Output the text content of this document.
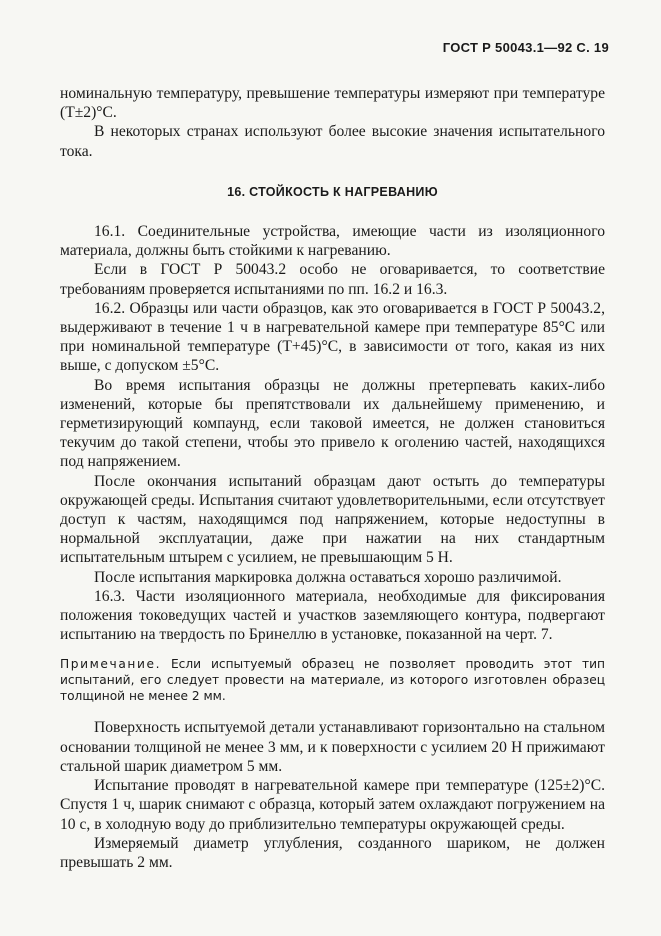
ГОСТ Р 50043.1—92 С. 19

номинальную температуру, превышение температуры измеряют при температуре (Т±2)°С.

В некоторых странах используют более высокие значения испытательного тока.

16. СТОЙКОСТЬ К НАГРЕВАНИЮ

16.1. Соединительные устройства, имеющие части из изоляционного материала, должны быть стойкими к нагреванию.

Если в ГОСТ Р 50043.2 особо не оговаривается, то соответствие требованиям проверяется испытаниями по пп. 16.2 и 16.3.

16.2. Образцы или части образцов, как это оговаривается в ГОСТ Р 50043.2, выдерживают в течение 1 ч в нагревательной камере при температуре 85°С или при номинальной температуре (Т+45)°С, в зависимости от того, какая из них выше, с допуском ±5°С.

Во время испытания образцы не должны претерпевать каких-либо изменений, которые бы препятствовали их дальнейшему применению, и герметизирующий компаунд, если таковой имеется, не должен становиться текучим до такой степени, чтобы это привело к оголению частей, находящихся под напряжением.

После окончания испытаний образцам дают остыть до температуры окружающей среды. Испытания считают удовлетворительными, если отсутствует доступ к частям, находящимся под напряжением, которые недоступны в нормальной эксплуатации, даже при нажатии на них стандартным испытательным штырем с усилием, не превышающим 5 Н.

После испытания маркировка должна оставаться хорошо различимой.

16.3. Части изоляционного материала, необходимые для фиксирования положения токоведущих частей и участков заземляющего контура, подвергают испытанию на твердость по Бринеллю в установке, показанной на черт. 7.

Примечание. Если испытуемый образец не позволяет проводить этот тип испытаний, его следует провести на материале, из которого изготовлен образец толщиной не менее 2 мм.

Поверхность испытуемой детали устанавливают горизонтально на стальном основании толщиной не менее 3 мм, и к поверхности с усилием 20 Н прижимают стальной шарик диаметром 5 мм.

Испытание проводят в нагревательной камере при температуре (125±2)°С. Спустя 1 ч, шарик снимают с образца, который затем охлаждают погружением на 10 с, в холодную воду до приблизительно температуры окружающей среды.

Измеряемый диаметр углубления, созданного шариком, не должен превышать 2 мм.
